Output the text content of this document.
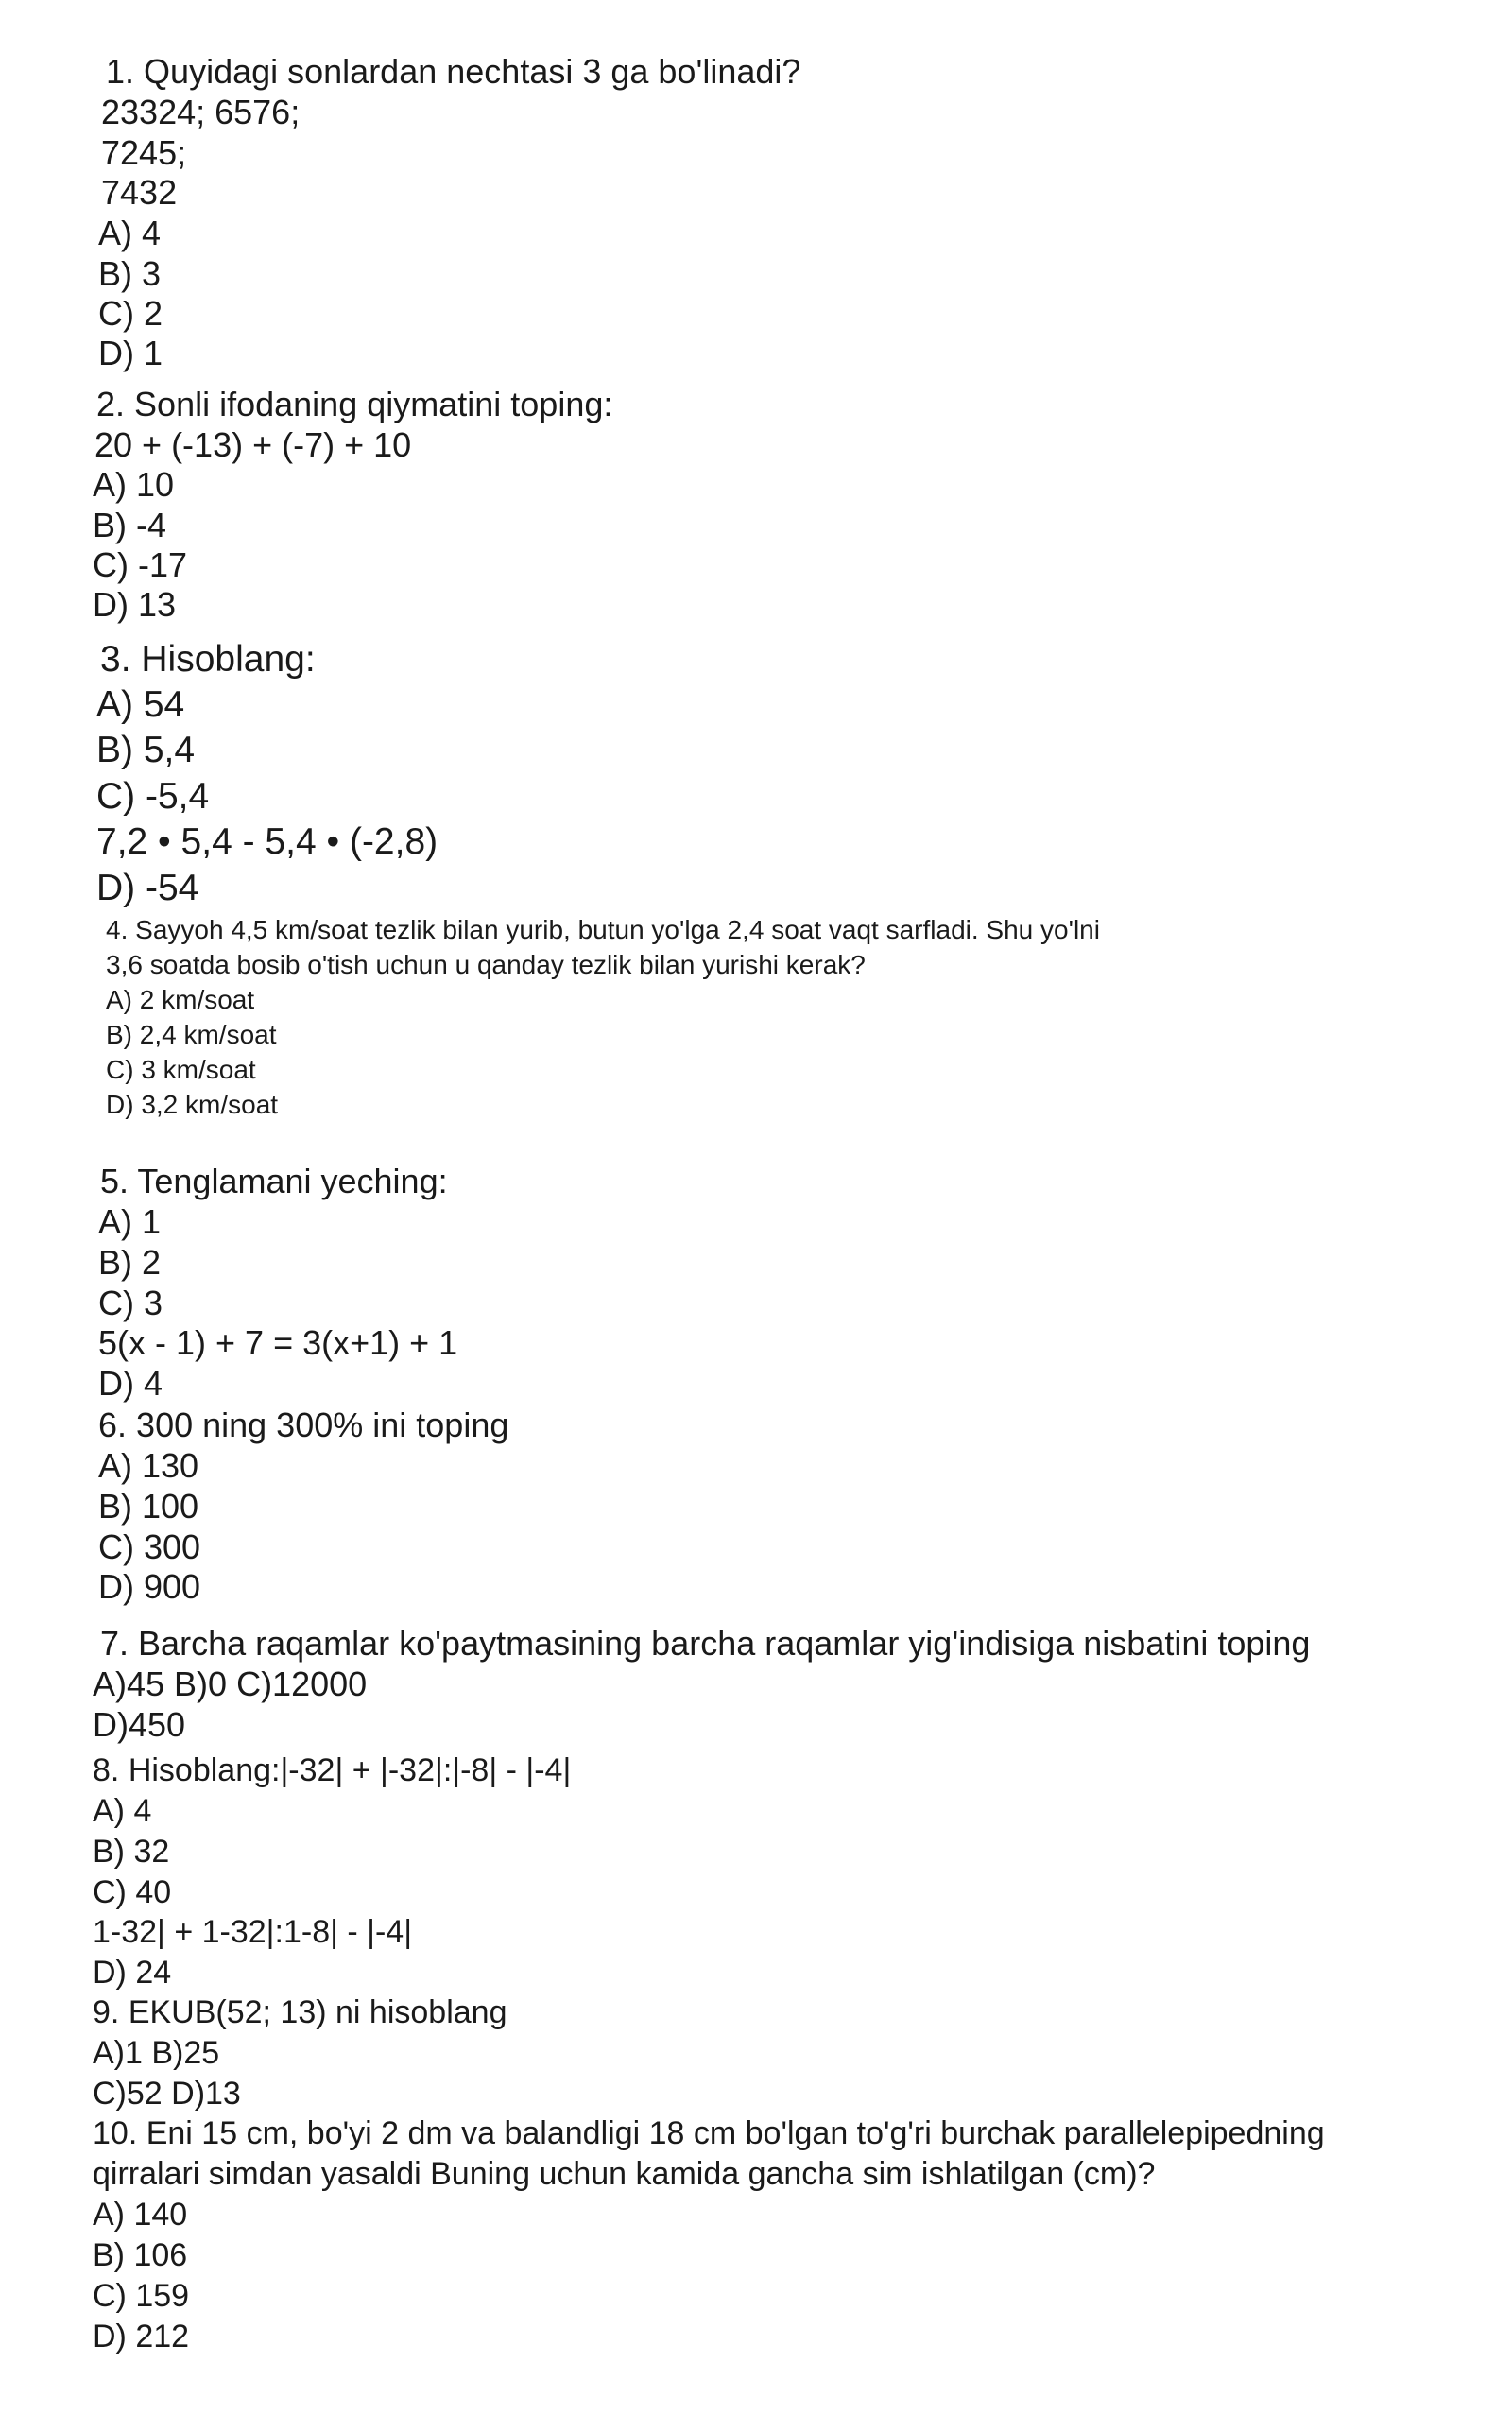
1. Quyidagi sonlardan nechtasi 3 ga bo'linadi?
23324; 6576;
7245;
7432
A) 4
B) 3
C) 2
D) 1
2. Sonli ifodaning qiymatini toping:
20 + (-13) + (-7) + 10
A) 10
B) -4
C) -17
D) 13
3. Hisoblang:
A) 54
B) 5,4
C) -5,4
7,2 • 5,4 - 5,4 • (-2,8)
D) -54
4. Sayyoh 4,5 km/soat tezlik bilan yurib, butun yo'lga 2,4 soat vaqt sarfladi. Shu yo'lni
3,6 soatda bosib o'tish uchun u qanday tezlik bilan yurishi kerak?
A) 2 km/soat
B) 2,4 km/soat
C) 3 km/soat
D) 3,2 km/soat
5. Tenglamani yeching:
A) 1
B) 2
C) 3
5(x - 1) + 7 = 3(x+1) + 1
D) 4
6. 300 ning 300% ini toping
A) 130
B) 100
C) 300
D) 900
7. Barcha raqamlar ko'paytmasining barcha raqamlar yig'indisiga nisbatini toping
A)45 B)0 C)12000
D)450
8. Hisoblang:|-32| + |-32|:|-8| - |-4|
A) 4
B) 32
C) 40
1-32| + 1-32|:1-8| - |-4|
D) 24
9. EKUB(52; 13) ni hisoblang
A)1 B)25
C)52 D)13
10. Eni 15 cm, bo'yi 2 dm va balandligi 18 cm bo'lgan to'g'ri burchak parallelepipedning
qirralari simdan yasaldi Buning uchun kamida gancha sim ishlatilgan (cm)?
A) 140
B) 106
C) 159
D) 212
